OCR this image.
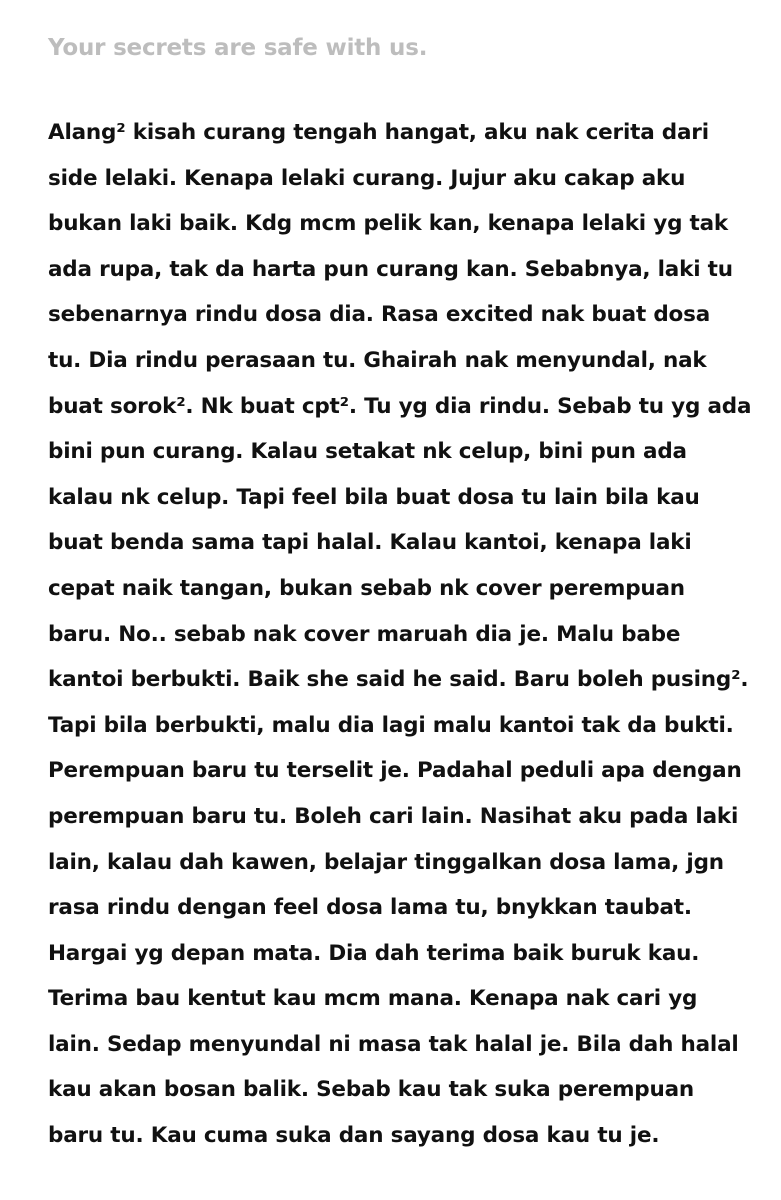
Your secrets are safe with us.

Alang² kisah curang tengah hangat, aku nak cerita dari
side lelaki. Kenapa lelaki curang. Jujur aku cakap aku
bukan laki baik. Kdg mcm pelik kan, kenapa lelaki yg tak
ada rupa, tak da harta pun curang kan. Sebabnya, laki tu
sebenarnya rindu dosa dia. Rasa excited nak buat dosa
tu. Dia rindu perasaan tu. Ghairah nak menyundal, nak
buat sorok². Nk buat cpt². Tu yg dia rindu. Sebab tu yg ada
bini pun curang. Kalau setakat nk celup, bini pun ada
kalau nk celup. Tapi feel bila buat dosa tu lain bila kau
buat benda sama tapi halal. Kalau kantoi, kenapa laki
cepat naik tangan, bukan sebab nk cover perempuan
baru. No.. sebab nak cover maruah dia je. Malu babe
kantoi berbukti. Baik she said he said. Baru boleh pusing².
Tapi bila berbukti, malu dia lagi malu kantoi tak da bukti.
Perempuan baru tu terselit je. Padahal peduli apa dengan
perempuan baru tu. Boleh cari lain. Nasihat aku pada laki
lain, kalau dah kawen, belajar tinggalkan dosa lama, jgn
rasa rindu dengan feel dosa lama tu, bnykkan taubat.
Hargai yg depan mata. Dia dah terima baik buruk kau.
Terima bau kentut kau mcm mana. Kenapa nak cari yg
lain. Sedap menyundal ni masa tak halal je. Bila dah halal
kau akan bosan balik. Sebab kau tak suka perempuan
baru tu. Kau cuma suka dan sayang dosa kau tu je.
